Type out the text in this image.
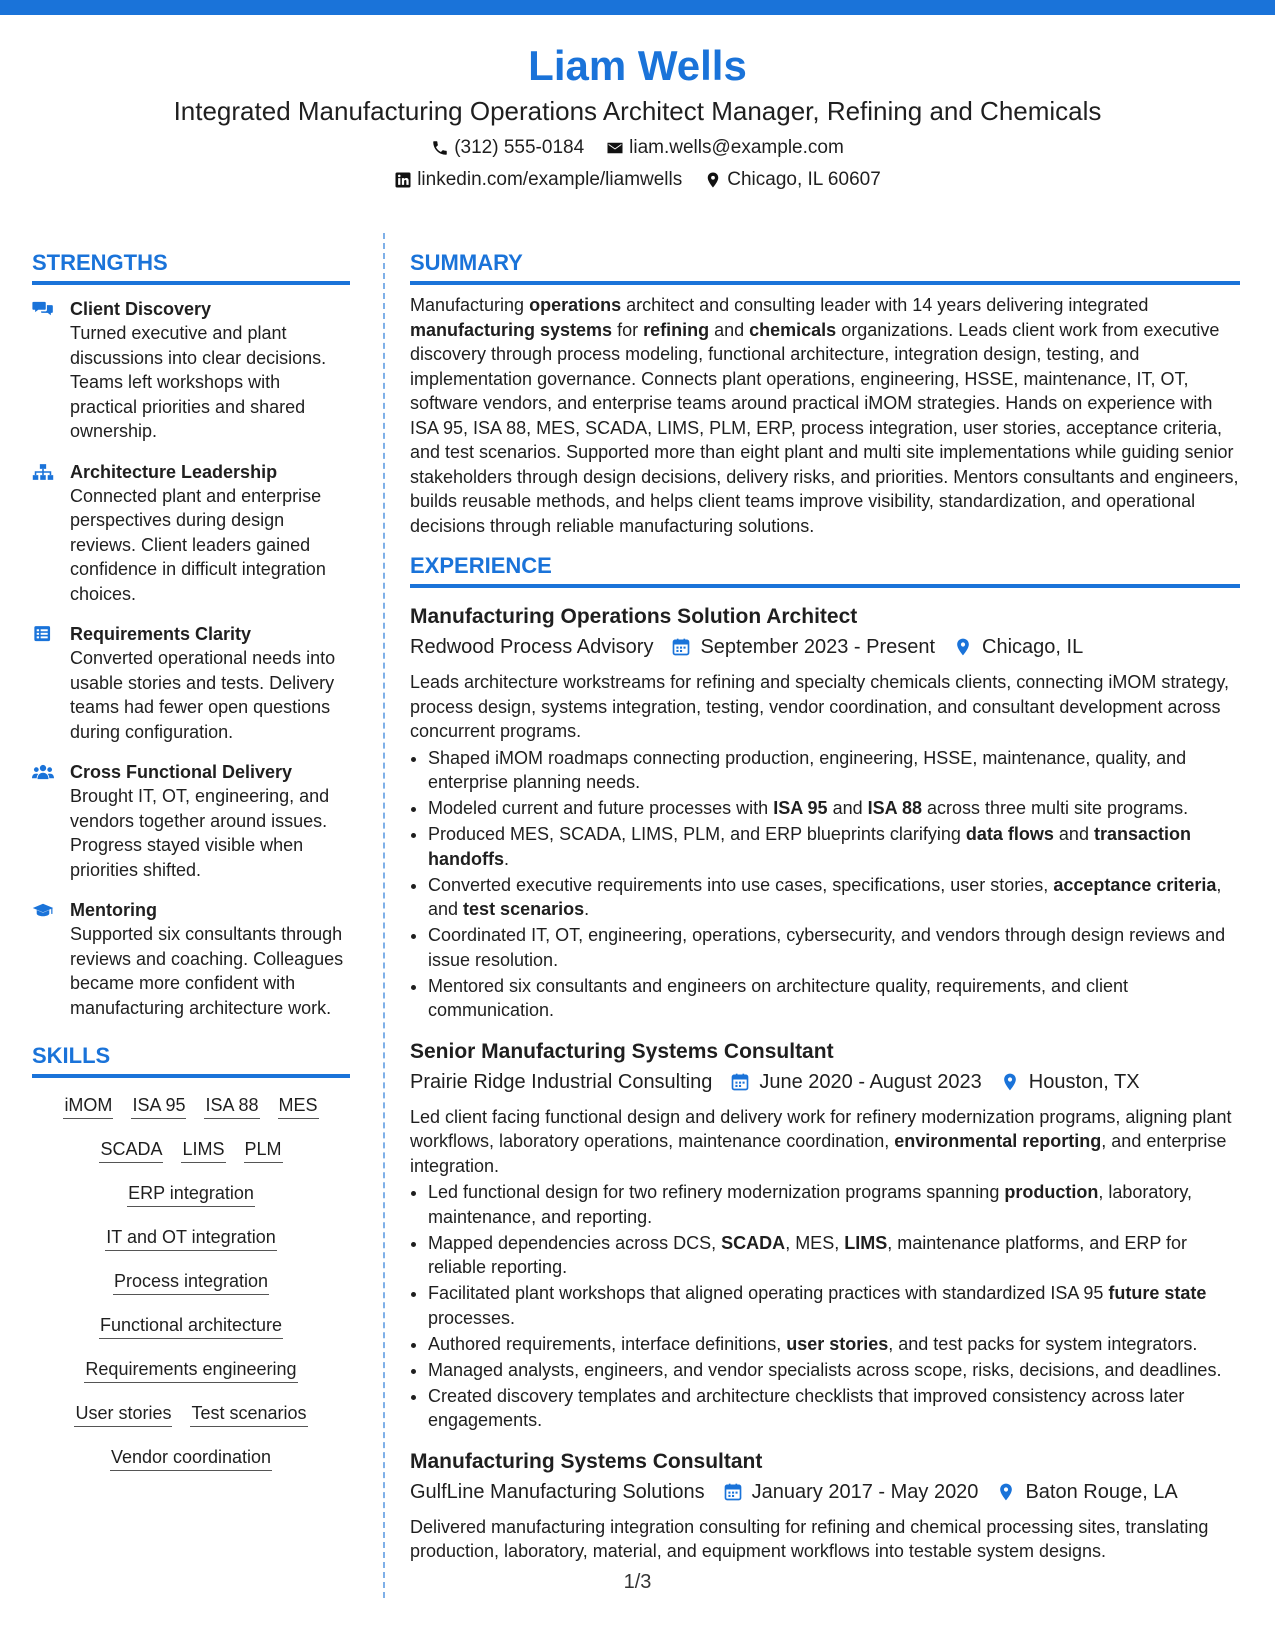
Liam Wells
Integrated Manufacturing Operations Architect Manager, Refining and Chemicals
(312) 555-0184 liam.wells@example.com
linkedin.com/example/liamwells Chicago, IL 60607
STRENGTHS
Client Discovery
Turned executive and plant discussions into clear decisions. Teams left workshops with practical priorities and shared ownership.
Architecture Leadership
Connected plant and enterprise perspectives during design reviews. Client leaders gained confidence in difficult integration choices.
Requirements Clarity
Converted operational needs into usable stories and tests. Delivery teams had fewer open questions during configuration.
Cross Functional Delivery
Brought IT, OT, engineering, and vendors together around issues. Progress stayed visible when priorities shifted.
Mentoring
Supported six consultants through reviews and coaching. Colleagues became more confident with manufacturing architecture work.
SKILLS
iMOM ISA 95 ISA 88 MES
SCADA LIMS PLM
ERP integration
IT and OT integration
Process integration
Functional architecture
Requirements engineering
User stories Test scenarios
Vendor coordination
SUMMARY
Manufacturing operations architect and consulting leader with 14 years delivering integrated manufacturing systems for refining and chemicals organizations. Leads client work from executive discovery through process modeling, functional architecture, integration design, testing, and implementation governance. Connects plant operations, engineering, HSSE, maintenance, IT, OT, software vendors, and enterprise teams around practical iMOM strategies. Hands on experience with ISA 95, ISA 88, MES, SCADA, LIMS, PLM, ERP, process integration, user stories, acceptance criteria, and test scenarios. Supported more than eight plant and multi site implementations while guiding senior stakeholders through design decisions, delivery risks, and priorities. Mentors consultants and engineers, builds reusable methods, and helps client teams improve visibility, standardization, and operational decisions through reliable manufacturing solutions.
EXPERIENCE
Manufacturing Operations Solution Architect
Redwood Process Advisory September 2023 - Present Chicago, IL
Leads architecture workstreams for refining and specialty chemicals clients, connecting iMOM strategy, process design, systems integration, testing, vendor coordination, and consultant development across concurrent programs.
• Shaped iMOM roadmaps connecting production, engineering, HSSE, maintenance, quality, and enterprise planning needs.
• Modeled current and future processes with ISA 95 and ISA 88 across three multi site programs.
• Produced MES, SCADA, LIMS, PLM, and ERP blueprints clarifying data flows and transaction handoffs.
• Converted executive requirements into use cases, specifications, user stories, acceptance criteria, and test scenarios.
• Coordinated IT, OT, engineering, operations, cybersecurity, and vendors through design reviews and issue resolution.
• Mentored six consultants and engineers on architecture quality, requirements, and client communication.
Senior Manufacturing Systems Consultant
Prairie Ridge Industrial Consulting June 2020 - August 2023 Houston, TX
Led client facing functional design and delivery work for refinery modernization programs, aligning plant workflows, laboratory operations, maintenance coordination, environmental reporting, and enterprise integration.
• Led functional design for two refinery modernization programs spanning production, laboratory, maintenance, and reporting.
• Mapped dependencies across DCS, SCADA, MES, LIMS, maintenance platforms, and ERP for reliable reporting.
• Facilitated plant workshops that aligned operating practices with standardized ISA 95 future state processes.
• Authored requirements, interface definitions, user stories, and test packs for system integrators.
• Managed analysts, engineers, and vendor specialists across scope, risks, decisions, and deadlines.
• Created discovery templates and architecture checklists that improved consistency across later engagements.
Manufacturing Systems Consultant
GulfLine Manufacturing Solutions January 2017 - May 2020 Baton Rouge, LA
Delivered manufacturing integration consulting for refining and chemical processing sites, translating production, laboratory, material, and equipment workflows into testable system designs.
1/3
